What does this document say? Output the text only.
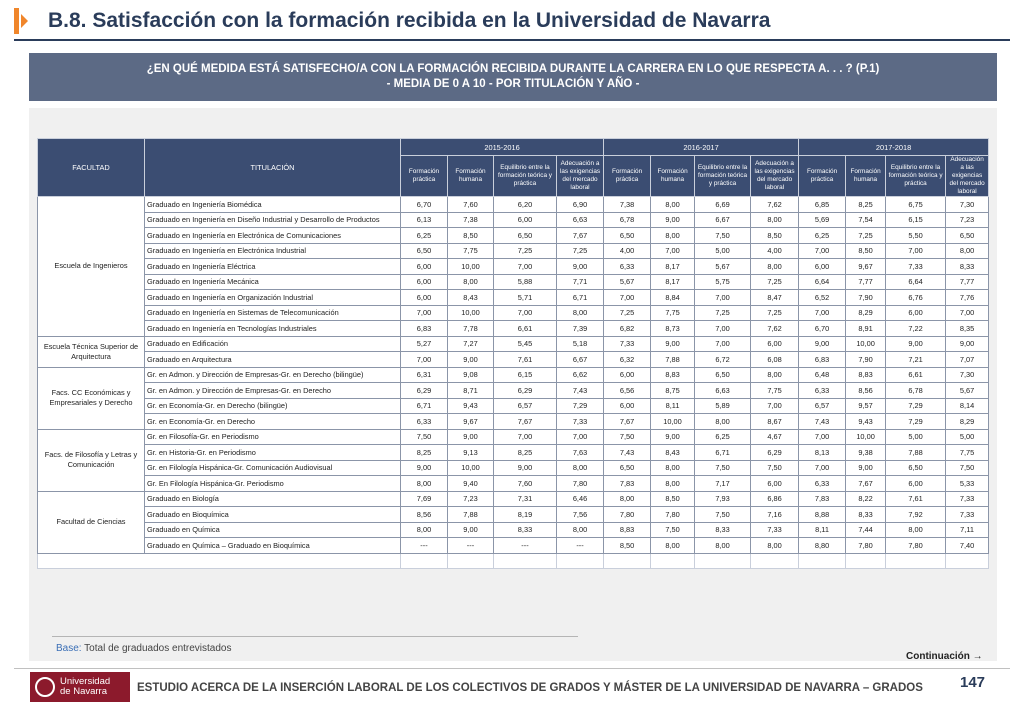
B.8. Satisfacción con la formación recibida en la Universidad de Navarra
¿EN QUÉ MEDIDA ESTÁ SATISFECHO/A CON LA FORMACIÓN RECIBIDA DURANTE LA CARRERA EN LO QUE RESPECTA A. . . ? (P.1)
- MEDIA DE 0 A 10 - POR TITULACIÓN Y AÑO -
FACULTAD	TITULACIÓN	2015-2016				2016-2017				2017-2018			
		Formación práctica	Formación humana	Equilibrio entre la formación teórica y práctica	Adecuación a las exigencias del mercado laboral	Formación práctica	Formación humana	Equilibrio entre la formación teórica y práctica	Adecuación a las exigencias del mercado laboral	Formación práctica	Formación humana	Equilibrio entre la formación teórica y práctica	Adecuación a las exigencias del mercado laboral
Escuela de Ingenieros	Graduado en Ingeniería Biomédica	6,70	7,60	6,20	6,90	7,38	8,00	6,69	7,62	6,85	8,25	6,75	7,30
	Graduado en Ingeniería en Diseño Industrial y Desarrollo de Productos	6,13	7,38	6,00	6,63	6,78	9,00	6,67	8,00	5,69	7,54	6,15	7,23
	Graduado en Ingeniería en Electrónica de Comunicaciones	6,25	8,50	6,50	7,67	6,50	8,00	7,50	8,50	6,25	7,25	5,50	6,50
	Graduado en Ingeniería en Electrónica Industrial	6,50	7,75	7,25	7,25	4,00	7,00	5,00	4,00	7,00	8,50	7,00	8,00
	Graduado en Ingeniería Eléctrica	6,00	10,00	7,00	9,00	6,33	8,17	5,67	8,00	6,00	9,67	7,33	8,33
	Graduado en Ingeniería Mecánica	6,00	8,00	5,88	7,71	5,67	8,17	5,75	7,25	6,64	7,77	6,64	7,77
	Graduado en Ingeniería en Organización Industrial	6,00	8,43	5,71	6,71	7,00	8,84	7,00	8,47	6,52	7,90	6,76	7,76
	Graduado en Ingeniería en Sistemas de Telecomunicación	7,00	10,00	7,00	8,00	7,25	7,75	7,25	7,25	7,00	8,29	6,00	7,00
	Graduado en Ingeniería en Tecnologías Industriales	6,83	7,78	6,61	7,39	6,82	8,73	7,00	7,62	6,70	8,91	7,22	8,35
Escuela Técnica Superior de Arquitectura	Graduado en Edificación	5,27	7,27	5,45	5,18	7,33	9,00	7,00	6,00	9,00	10,00	9,00	9,00
	Graduado en Arquitectura	7,00	9,00	7,61	6,67	6,32	7,88	6,72	6,08	6,83	7,90	7,21	7,07
Facs. CC Económicas y Empresariales y Derecho	Gr. en Admon. y Dirección de Empresas-Gr. en Derecho (bilingüe)	6,31	9,08	6,15	6,62	6,00	8,83	6,50	8,00	6,48	8,83	6,61	7,30
	Gr. en Admon. y Dirección de Empresas-Gr. en Derecho	6,29	8,71	6,29	7,43	6,56	8,75	6,63	7,75	6,33	8,56	6,78	5,67
	Gr. en Economía-Gr. en Derecho (bilingüe)	6,71	9,43	6,57	7,29	6,00	8,11	5,89	7,00	6,57	9,57	7,29	8,14
	Gr. en Economía-Gr. en Derecho	6,33	9,67	7,67	7,33	7,67	10,00	8,00	8,67	7,43	9,43	7,29	8,29
Facs. de Filosofía y Letras y Comunicación	Gr. en Filosofía-Gr. en Periodismo	7,50	9,00	7,00	7,00	7,50	9,00	6,25	4,67	7,00	10,00	5,00	5,00
	Gr. en Historia-Gr. en Periodismo	8,25	9,13	8,25	7,63	7,43	8,43	6,71	6,29	8,13	9,38	7,88	7,75
	Gr. en Filología Hispánica-Gr. Comunicación Audiovisual	9,00	10,00	9,00	8,00	6,50	8,00	7,50	7,50	7,00	9,00	6,50	7,50
	Gr. En Filología Hispánica-Gr. Periodismo	8,00	9,40	7,60	7,80	7,83	8,00	7,17	6,00	6,33	7,67	6,00	5,33
Facultad de Ciencias	Graduado en Biología	7,69	7,23	7,31	6,46	8,00	8,50	7,93	6,86	7,83	8,22	7,61	7,33
	Graduado en Bioquímica	8,56	7,88	8,19	7,56	7,80	7,80	7,50	7,16	8,88	8,33	7,92	7,33
	Graduado en Química	8,00	9,00	8,33	8,00	8,83	7,50	8,33	7,33	8,11	7,44	8,00	7,11
	Graduado en Química – Graduado en Bioquímica	---	---	---	---	8,50	8,00	8,00	8,00	8,80	7,80	7,80	7,40
TOTAL		7,07	8,64	6,98	7,20	7,01	8,54	6,97	7,21	7,03	8,58	6,90	7,23
Base: Total de graduados entrevistados
Continuación →
Universidad
de Navarra	ESTUDIO ACERCA DE LA INSERCIÓN LABORAL DE LOS COLECTIVOS DE GRADOS Y MÁSTER DE LA UNIVERSIDAD DE NAVARRA – GRADOS 147
